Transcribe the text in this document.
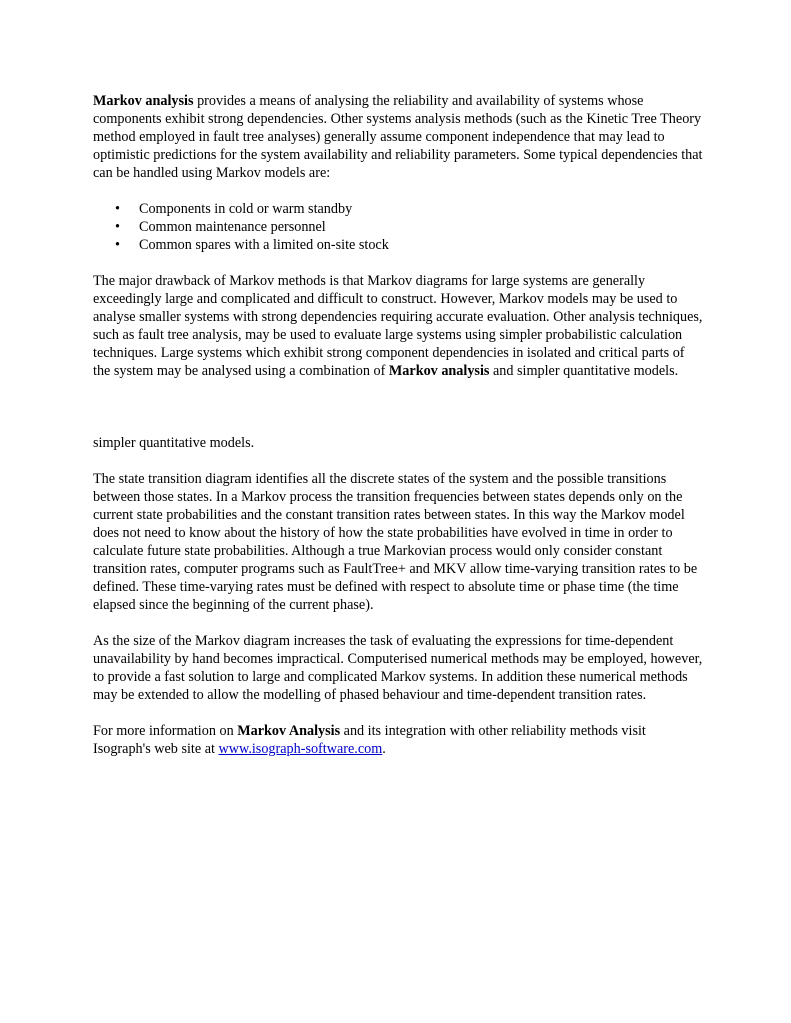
Markov analysis provides a means of analysing the reliability and availability of systems whose components exhibit strong dependencies. Other systems analysis methods (such as the Kinetic Tree Theory method employed in fault tree analyses) generally assume component independence that may lead to optimistic predictions for the system availability and reliability parameters. Some typical dependencies that can be handled using Markov models are:

• Components in cold or warm standby
• Common maintenance personnel
• Common spares with a limited on-site stock

The major drawback of Markov methods is that Markov diagrams for large systems are generally exceedingly large and complicated and difficult to construct. However, Markov models may be used to analyse smaller systems with strong dependencies requiring accurate evaluation. Other analysis techniques, such as fault tree analysis, may be used to evaluate large systems using simpler probabilistic calculation techniques. Large systems which exhibit strong component dependencies in isolated and critical parts of the system may be analysed using a combination of Markov analysis and simpler quantitative models.

simpler quantitative models.

The state transition diagram identifies all the discrete states of the system and the possible transitions between those states. In a Markov process the transition frequencies between states depends only on the current state probabilities and the constant transition rates between states. In this way the Markov model does not need to know about the history of how the state probabilities have evolved in time in order to calculate future state probabilities. Although a true Markovian process would only consider constant transition rates, computer programs such as FaultTree+ and MKV allow time-varying transition rates to be defined. These time-varying rates must be defined with respect to absolute time or phase time (the time elapsed since the beginning of the current phase).

As the size of the Markov diagram increases the task of evaluating the expressions for time-dependent unavailability by hand becomes impractical. Computerised numerical methods may be employed, however, to provide a fast solution to large and complicated Markov systems. In addition these numerical methods may be extended to allow the modelling of phased behaviour and time-dependent transition rates.

For more information on Markov Analysis and its integration with other reliability methods visit Isograph's web site at www.isograph-software.com.
